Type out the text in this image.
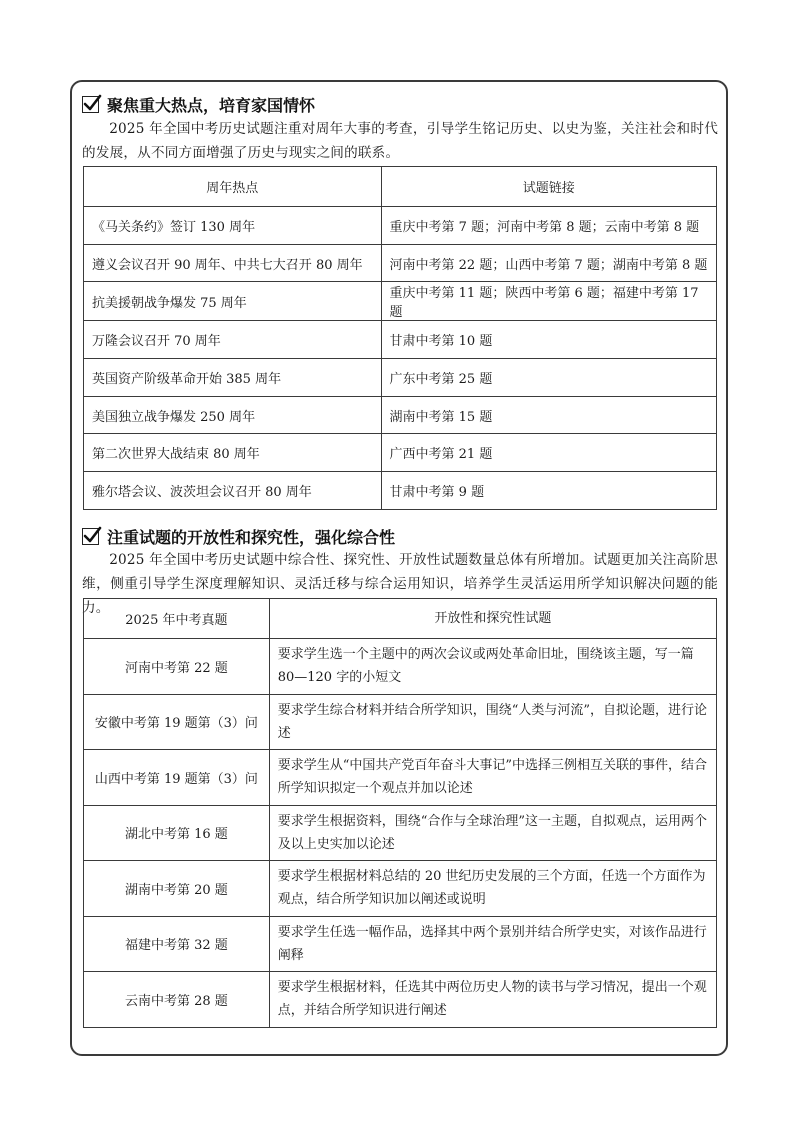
聚焦重大热点，培育家国情怀
2025 年全国中考历史试题注重对周年大事的考查，引导学生铭记历史、以史为鉴，关注社会和时代的发展，从不同方面增强了历史与现实之间的联系。
周年热点	试题链接
《马关条约》签订 130 周年	重庆中考第 7 题；河南中考第 8 题；云南中考第 8 题
遵义会议召开 90 周年、中共七大召开 80 周年	河南中考第 22 题；山西中考第 7 题；湖南中考第 8 题
抗美援朝战争爆发 75 周年	重庆中考第 11 题；陕西中考第 6 题；福建中考第 17 题
万隆会议召开 70 周年	甘肃中考第 10 题
英国资产阶级革命开始 385 周年	广东中考第 25 题
美国独立战争爆发 250 周年	湖南中考第 15 题
第二次世界大战结束 80 周年	广西中考第 21 题
雅尔塔会议、波茨坦会议召开 80 周年	甘肃中考第 9 题
注重试题的开放性和探究性，强化综合性
2025 年全国中考历史试题中综合性、探究性、开放性试题数量总体有所增加。试题更加关注高阶思维，侧重引导学生深度理解知识、灵活迁移与综合运用知识，培养学生灵活运用所学知识解决问题的能力。
2025 年中考真题	开放性和探究性试题
河南中考第 22 题	要求学生选一个主题中的两次会议或两处革命旧址，围绕该主题，写一篇 80—120 字的小短文
安徽中考第 19 题第（3）问	要求学生综合材料并结合所学知识，围绕“人类与河流”，自拟论题，进行论述
山西中考第 19 题第（3）问	要求学生从“中国共产党百年奋斗大事记”中选择三例相互关联的事件，结合所学知识拟定一个观点并加以论述
湖北中考第 16 题	要求学生根据资料，围绕“合作与全球治理”这一主题，自拟观点，运用两个及以上史实加以论述
湖南中考第 20 题	要求学生根据材料总结的 20 世纪历史发展的三个方面，任选一个方面作为观点，结合所学知识加以阐述或说明
福建中考第 32 题	要求学生任选一幅作品，选择其中两个景别并结合所学史实，对该作品进行阐释
云南中考第 28 题	要求学生根据材料，任选其中两位历史人物的读书与学习情况，提出一个观点，并结合所学知识进行阐述
